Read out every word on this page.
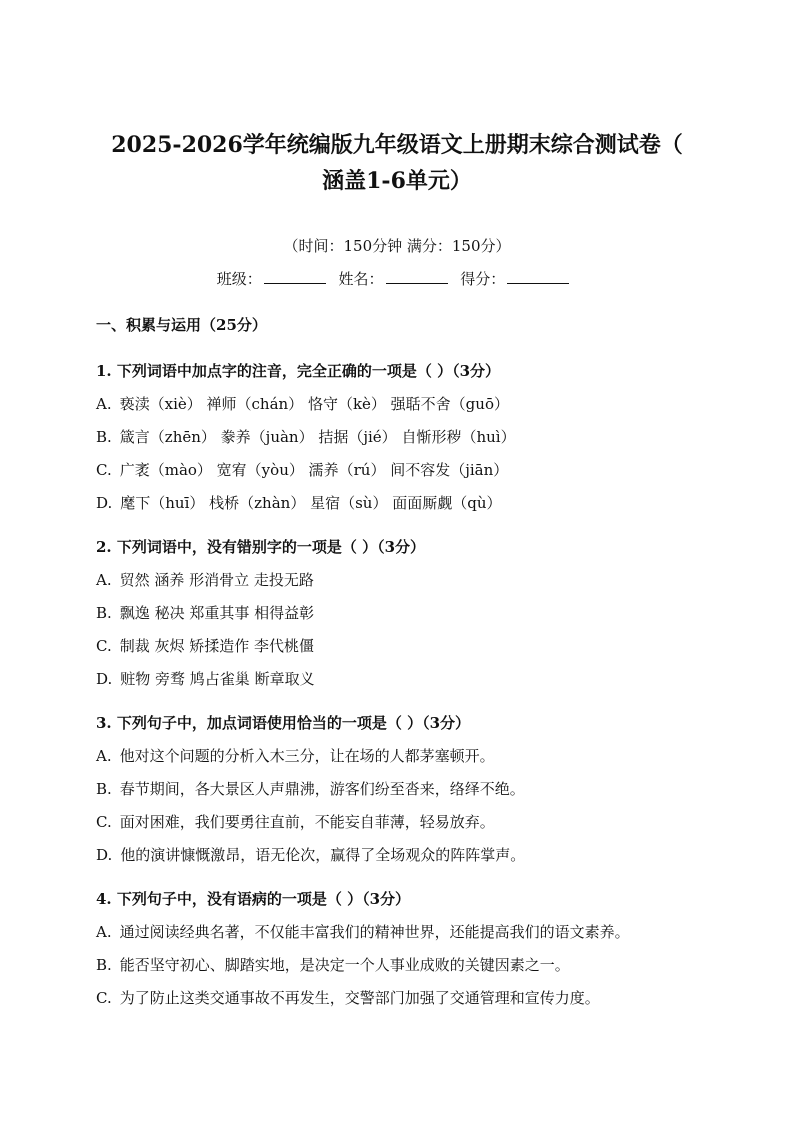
2025-2026学年统编版九年级语文上册期末综合测试卷（
涵盖1-6单元）
（时间：150分钟 满分：150分）
班级：	姓名：	得分：
一、积累与运用（25分）
1. 下列词语中加点字的注音，完全正确的一项是（ ）（3分）
A. 亵渎（xiè） 禅师（chán） 恪守（kè） 强聒不舍（guō）
B. 箴言（zhēn） 豢养（juàn） 拮据（jié） 自惭形秽（huì）
C. 广袤（mào） 宽宥（yòu） 濡养（rú） 间不容发（jiān）
D. 麾下（huī） 栈桥（zhàn） 星宿（sù） 面面厮觑（qù）
2. 下列词语中，没有错别字的一项是（ ）（3分）
A. 贸然 涵养 形消骨立 走投无路
B. 飘逸 秘决 郑重其事 相得益彰
C. 制裁 灰烬 矫揉造作 李代桃僵
D. 赃物 旁骛 鸠占雀巢 断章取义
3. 下列句子中，加点词语使用恰当的一项是（ ）（3分）
A. 他对这个问题的分析入木三分，让在场的人都茅塞顿开。
B. 春节期间，各大景区人声鼎沸，游客们纷至沓来，络绎不绝。
C. 面对困难，我们要勇往直前，不能妄自菲薄，轻易放弃。
D. 他的演讲慷慨激昂，语无伦次，赢得了全场观众的阵阵掌声。
4. 下列句子中，没有语病的一项是（ ）（3分）
A. 通过阅读经典名著，不仅能丰富我们的精神世界，还能提高我们的语文素养。
B. 能否坚守初心、脚踏实地，是决定一个人事业成败的关键因素之一。
C. 为了防止这类交通事故不再发生，交警部门加强了交通管理和宣传力度。
